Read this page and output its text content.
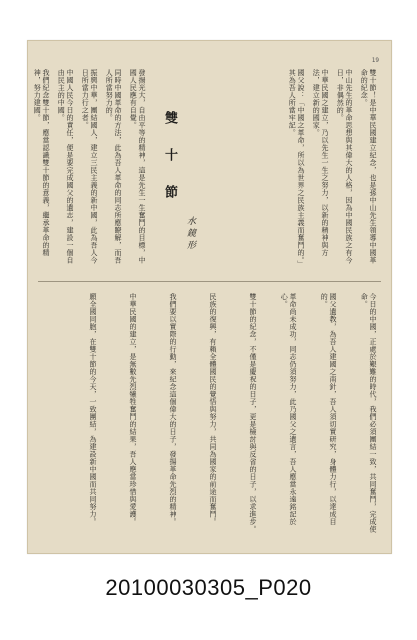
19
雙十節！是中華民國建立紀念，也是孫中山先生領導中國革命的紀念。
中山先生的革命思想與其偉大的人格，因為中國民族之有今日，非偶然的。
中華民國之建立，乃以先生一生之努力，以新的精神與方法，建立新的國家。
國父說：「中國之革命，所以為世界之民族主義而奮鬥的。」其為吾人所當牢記。
雙十節
水鏡形
發揚光大，自由平等的精神，這是先生一生奮鬥的目標，中國人民應有自覺。
同時中國革命的方法，此為吾人革命的同志所應瞭解，而吾人所當努力的。
振興中華，團結國人，建立三民主義的新中國，此為吾人今日所當力行之者。
中國人民今日的責任，便是要完成國父的遺志，建設一個自由民主的中國。
我們紀念雙十節，應當認識雙十節的意義，繼承革命的精神，努力建國。
今日的中國，正處於艱難的時代，我們必須團結一致，共同奮鬥，完成使命。
國父遺教，為吾人建國之南針，吾人須切實研究，身體力行，以達成目的。
革命尚未成功，同志仍須努力，此乃國父之遺言，吾人應當永遠銘記於心。
雙十節的紀念，不僅是慶祝的日子，更是檢討與反省的日子，以求進步。
民族的復興，有賴全體國民的覺悟與努力，共同為國家的前途而奮鬥。
我們要以實際的行動，來紀念這個偉大的日子，發揚革命先烈的精神。
中華民國的建立，是無數先烈犧牲奮鬥的結果，吾人應當珍惜與愛護。
願全國同胞，在雙十節的今天，一致團結，為建設新中國而共同努力。
20100030305_P020
